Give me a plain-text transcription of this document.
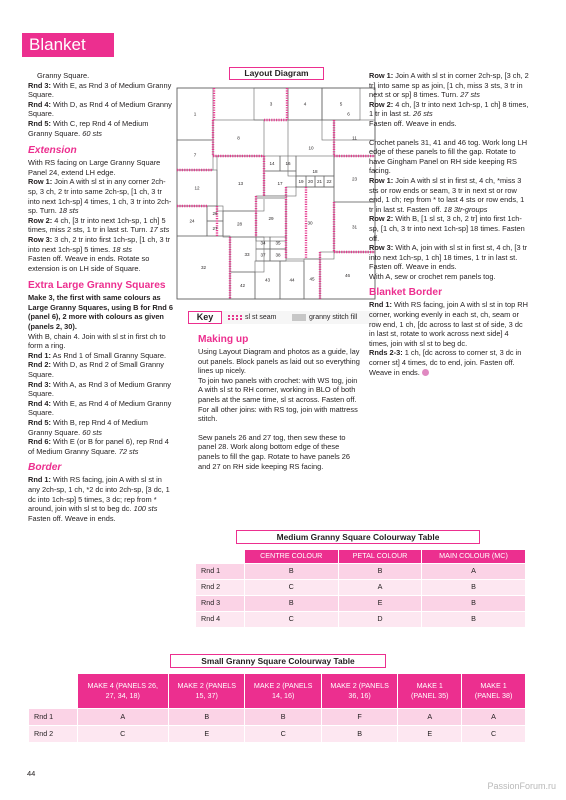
Blanket

Granny Square.

Rnd 3: With E, as Rnd 3 of Medium Granny Square.

Rnd 4: With D, as Rnd 4 of Medium Granny Square.

Rnd 5: With C, rep Rnd 4 of Medium Granny Square. 60 sts

Extension

With RS facing on Large Granny Square Panel 24, extend LH edge.

Row 1: Join A with sl st in any corner 2ch-sp, 3 ch, 2 tr into same 2ch-sp, [1 ch, 3 tr into next 1ch-sp] 4 times, 1 ch, 3 tr into 2ch-sp. Turn. 18 sts

Row 2: 4 ch, [3 tr into next 1ch-sp, 1 ch] 5 times, miss 2 sts, 1 tr in last st. Turn. 17 sts

Row 3: 3 ch, 2 tr into first 1ch-sp, [1 ch, 3 tr into next 1ch-sp] 5 times. 18 sts

Fasten off. Weave in ends. Rotate so extension is on LH side of Square.

Extra Large Granny Squares

Make 3, the first with same colours as Large Granny Squares, using B for Rnd 6 (panel 6), 2 more with colours as given (panels 2, 30).

With B, chain 4. Join with sl st in first ch to form a ring.

Rnd 1: As Rnd 1 of Small Granny Square.

Rnd 2: With D, as Rnd 2 of Small Granny Square.

Rnd 3: With A, as Rnd 3 of Medium Granny Square.

Rnd 4: With E, as Rnd 4 of Medium Granny Square.

Rnd 5: With B, rep Rnd 4 of Medium Granny Square. 60 sts

Rnd 6: With E (or B for panel 6), rep Rnd 4 of Medium Granny Square. 72 sts

Border

Rnd 1: With RS facing, join A with sl st in any 2ch-sp, 1 ch, *2 dc into 2ch-sp, [3 dc, 1 dc into 1ch-sp] 5 times, 3 dc; rep from * around, join with sl st to beg dc. 100 sts

Fasten off. Weave in ends.

Layout Diagram
1
3	4	5
6
7
8
10
11
12
13
14 16
17
18
19 20 21 22	23
24
26
27
28
29
30
31
32
33
34 35
37 38
42
43	44	45
46
Key	sl st seam	granny stitch fill
Making up

Using Layout Diagram and photos as a guide, lay out panels. Block panels as laid out so everything lines up nicely.

To join two panels with crochet: with WS tog, join A with sl st to RH corner, working in BLO of both panels at the same time, sl st across. Fasten off.

For all other joins: with RS tog, join with mattress stitch.

Sew panels 26 and 27 tog, then sew these to panel 28. Work along bottom edge of these panels to fill the gap. Rotate to have panels 26 and 27 on RH side keeping RS facing.

Row 1: Join A with sl st in corner 2ch-sp, [3 ch, 2 tr] into same sp as join, [1 ch, miss 3 sts, 3 tr in next st or sp] 8 times. Turn. 27 sts

Row 2: 4 ch, [3 tr into next 1ch-sp, 1 ch] 8 times, 1 tr in last st. 26 sts

Fasten off. Weave in ends.

Crochet panels 31, 41 and 46 tog. Work long LH edge of these panels to fill the gap. Rotate to have Gingham Panel on RH side keeping RS facing.

Row 1: Join A with sl st in first st, 4 ch, *miss 3 sts or row ends or seam, 3 tr in next st or row end, 1 ch; rep from * to last 4 sts or row ends, 1 tr in last st. Fasten off. 18 3tr-groups

Row 2: With B, [1 sl st, 3 ch, 2 tr] into first 1ch-sp, [1 ch, 3 tr into next 1ch-sp] 18 times. Fasten off.

Row 3: With A, join with sl st in first st, 4 ch, [3 tr into next 1ch-sp, 1 ch] 18 times, 1 tr in last st.

Fasten off. Weave in ends.

With A, sew or crochet rem panels tog.

Blanket Border

Rnd 1: With RS facing, join A with sl st in top RH corner, working evenly in each st, ch, seam or row end, 1 ch, [dc across to last st of side, 3 dc in last st, rotate to work across next side] 4 times, join with sl st to beg dc.

Rnds 2-3: 1 ch, [dc across to corner st, 3 dc in corner st] 4 times, dc to end, join. Fasten off. Weave in ends.

Medium Granny Square Colourway Table
	CENTRE COLOUR	PETAL COLOUR	MAIN COLOUR (MC)
Rnd 1	B	B	A
Rnd 2	C	A	B
Rnd 3	B	E	B
Rnd 4	C	D	B
Small Granny Square Colourway Table
	MAKE 4 (PANELS 26, 27, 34, 18)	MAKE 2 (PANELS 15, 37)	MAKE 2 (PANELS 14, 16)	MAKE 2 (PANELS 36, 16)	MAKE 1 (PANEL 35)	MAKE 1 (PANEL 38)
Rnd 1	A	B	B	F	A	A
Rnd 2	C	E	C	B	E	C
44
PassionForum.ru
